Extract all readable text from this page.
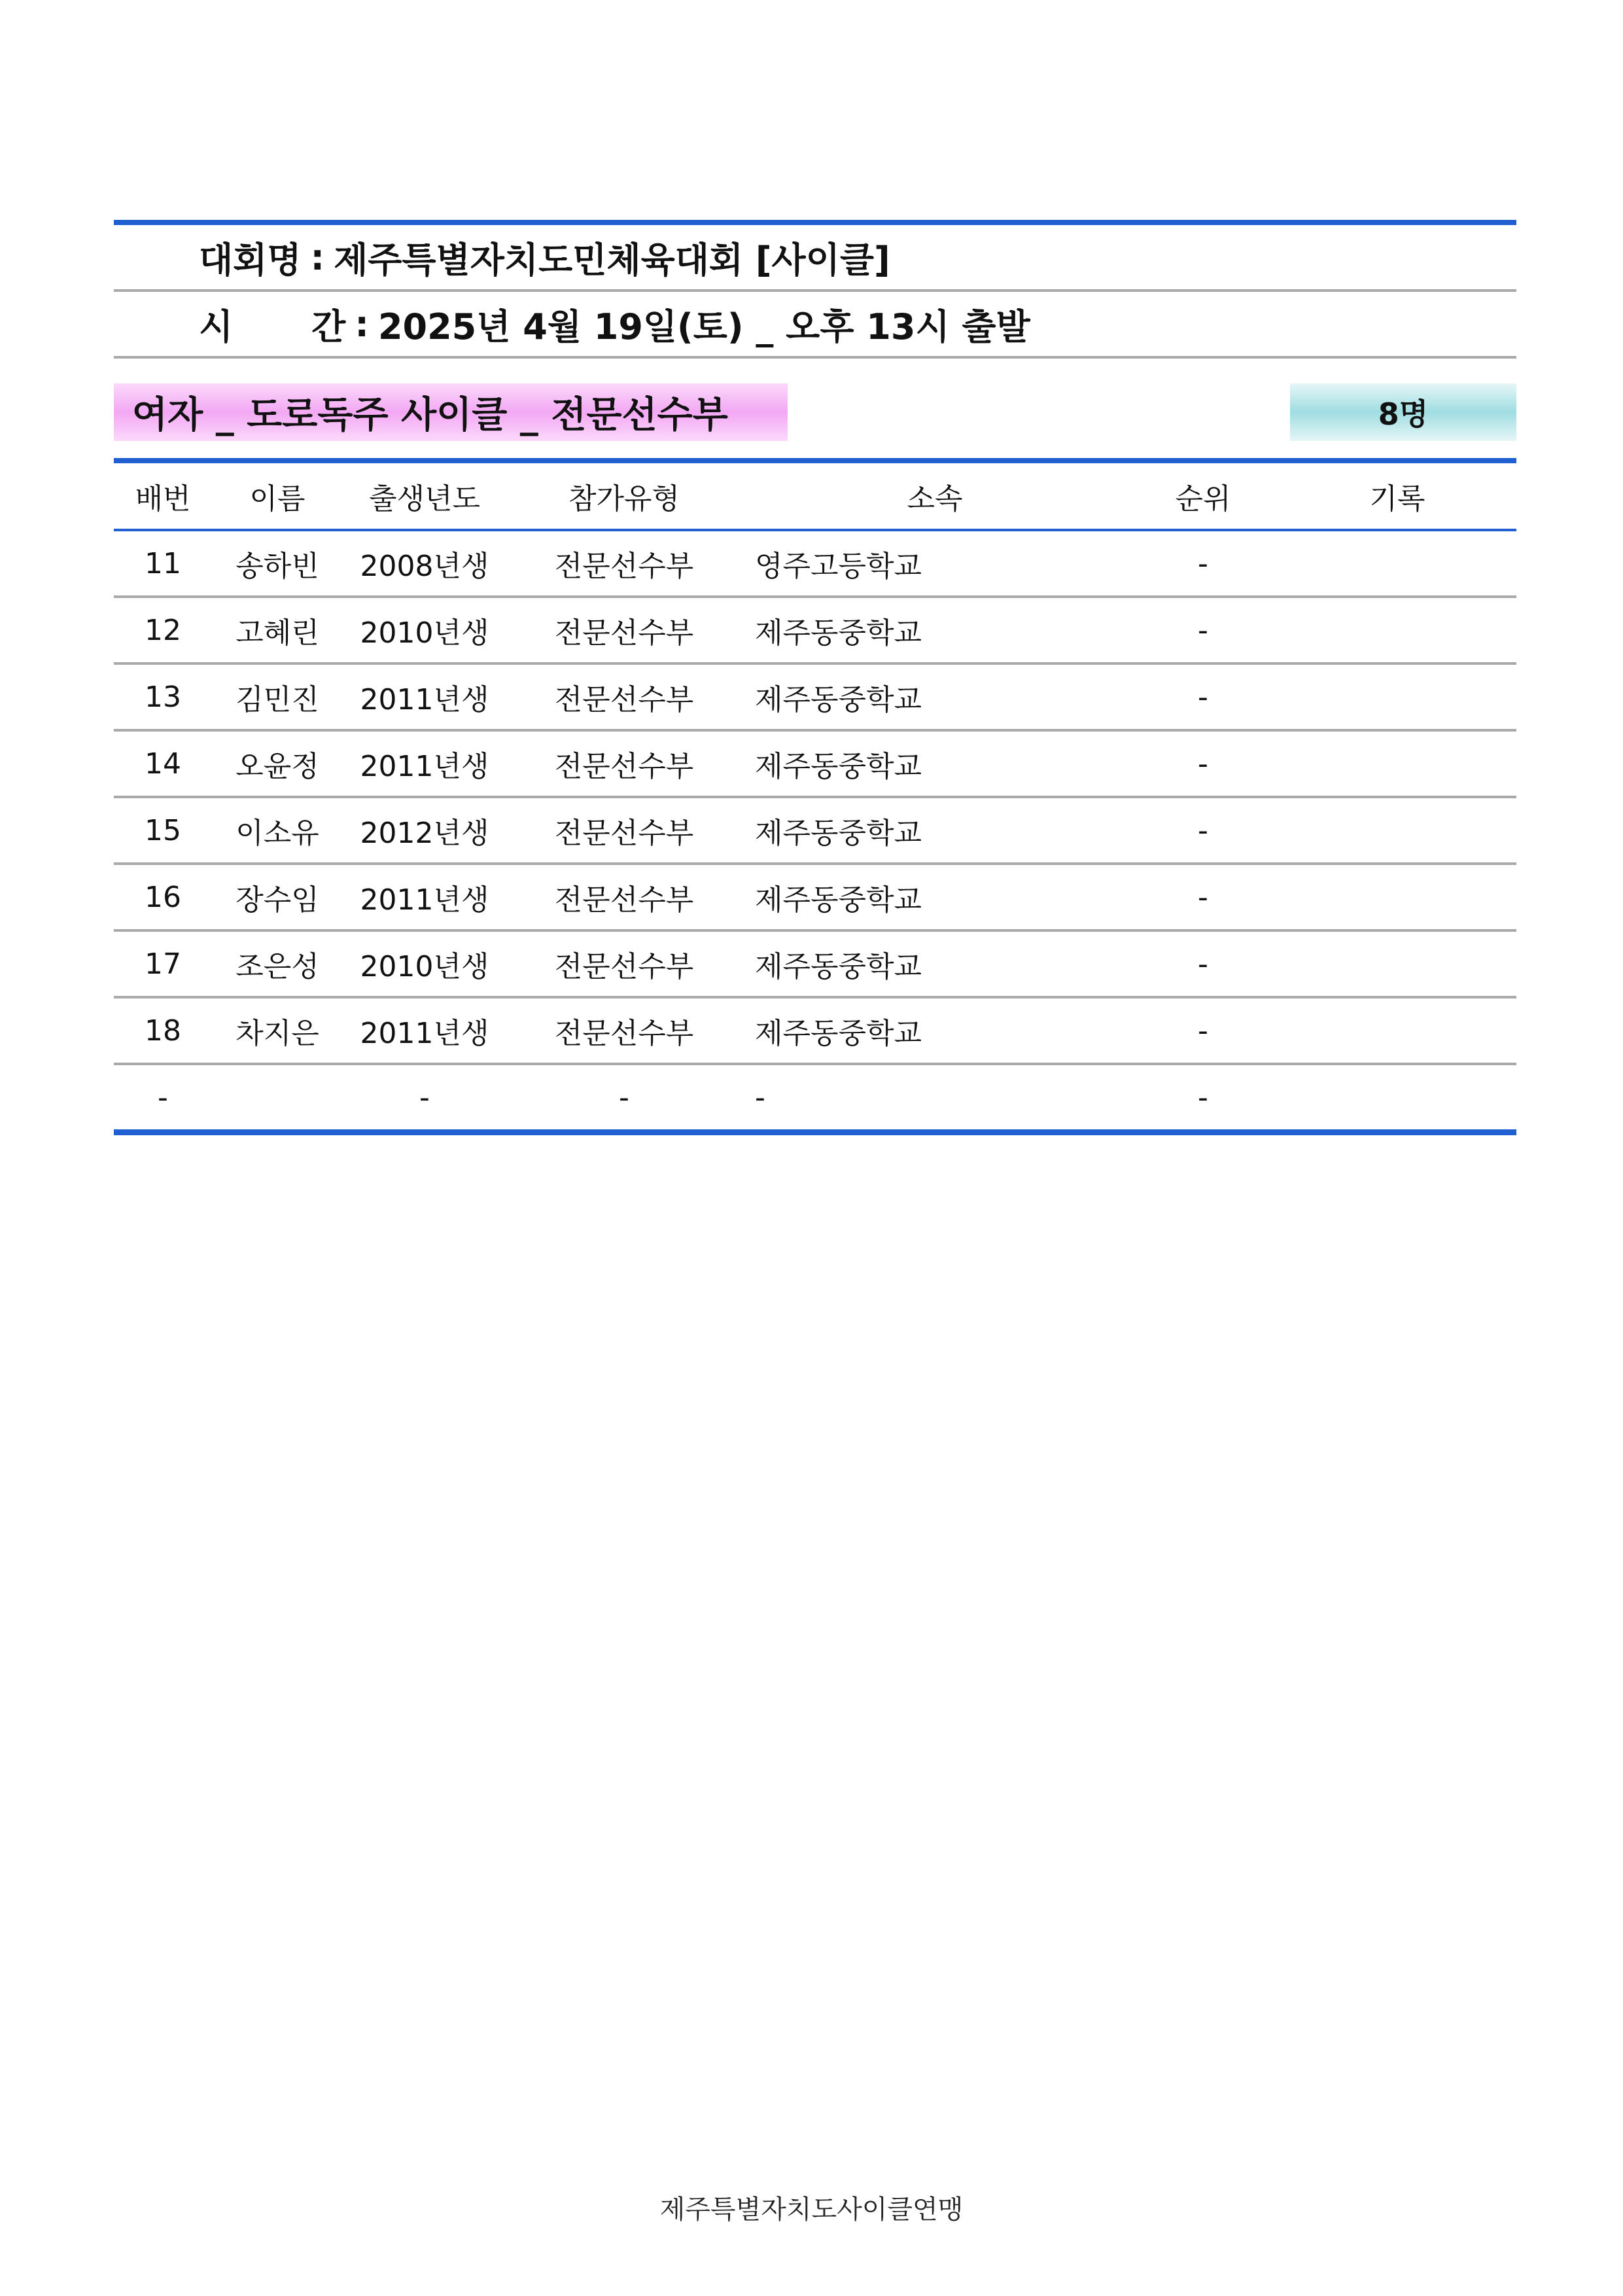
대회명 : 제주특별자치도민체육대회 [사이클]
시 간 : 2025년 4월 19일(토) _ 오후 13시 출발
여자 _ 도로독주 사이클 _ 전문선수부	8명
배번	이름	출생년도	참가유형	소속	순위	기록
11	송하빈	2008년생	전문선수부	영주고등학교	-	
12	고혜린	2010년생	전문선수부	제주동중학교	-	
13	김민진	2011년생	전문선수부	제주동중학교	-	
14	오윤정	2011년생	전문선수부	제주동중학교	-	
15	이소유	2012년생	전문선수부	제주동중학교	-	
16	장수임	2011년생	전문선수부	제주동중학교	-	
17	조은성	2010년생	전문선수부	제주동중학교	-	
18	차지은	2011년생	전문선수부	제주동중학교	-	
-		-	-	-	-	
제주특별자치도사이클연맹
